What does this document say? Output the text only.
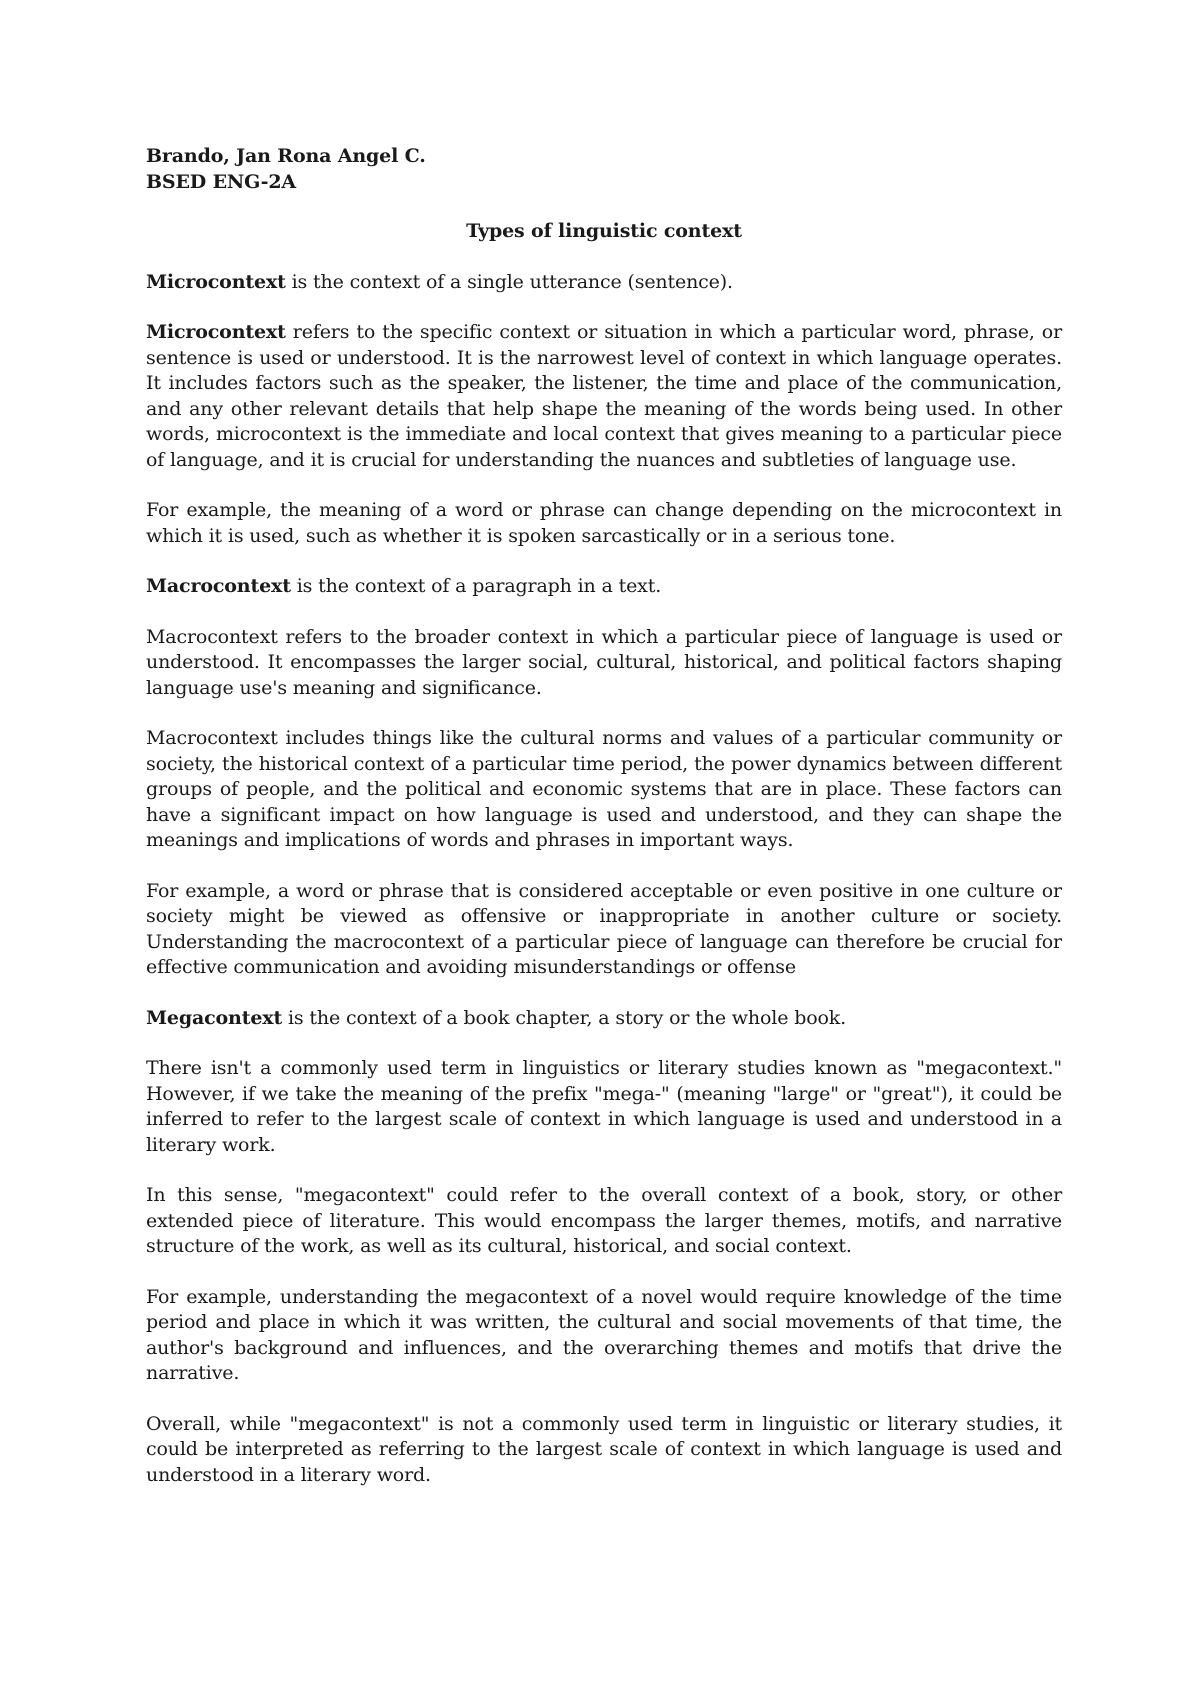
Brando, Jan Rona Angel C.

BSED ENG-2A

Types of linguistic context

Microcontext is the context of a single utterance (sentence).

Microcontext refers to the specific context or situation in which a particular word, phrase, or sentence is used or understood. It is the narrowest level of context in which language operates. It includes factors such as the speaker, the listener, the time and place of the communication, and any other relevant details that help shape the meaning of the words being used. In other words, microcontext is the immediate and local context that gives meaning to a particular piece of language, and it is crucial for understanding the nuances and subtleties of language use.

For example, the meaning of a word or phrase can change depending on the microcontext in which it is used, such as whether it is spoken sarcastically or in a serious tone.

Macrocontext is the context of a paragraph in a text.

Macrocontext refers to the broader context in which a particular piece of language is used or understood. It encompasses the larger social, cultural, historical, and political factors shaping language use's meaning and significance.

Macrocontext includes things like the cultural norms and values of a particular community or society, the historical context of a particular time period, the power dynamics between different groups of people, and the political and economic systems that are in place. These factors can have a significant impact on how language is used and understood, and they can shape the meanings and implications of words and phrases in important ways.

For example, a word or phrase that is considered acceptable or even positive in one culture or society might be viewed as offensive or inappropriate in another culture or society. Understanding the macrocontext of a particular piece of language can therefore be crucial for effective communication and avoiding misunderstandings or offense

Megacontext is the context of a book chapter, a story or the whole book.

There isn't a commonly used term in linguistics or literary studies known as "megacontext." However, if we take the meaning of the prefix "mega-" (meaning "large" or "great"), it could be inferred to refer to the largest scale of context in which language is used and understood in a literary work.

In this sense, "megacontext" could refer to the overall context of a book, story, or other extended piece of literature. This would encompass the larger themes, motifs, and narrative structure of the work, as well as its cultural, historical, and social context.

For example, understanding the megacontext of a novel would require knowledge of the time period and place in which it was written, the cultural and social movements of that time, the author's background and influences, and the overarching themes and motifs that drive the narrative.

Overall, while "megacontext" is not a commonly used term in linguistic or literary studies, it could be interpreted as referring to the largest scale of context in which language is used and understood in a literary word.
